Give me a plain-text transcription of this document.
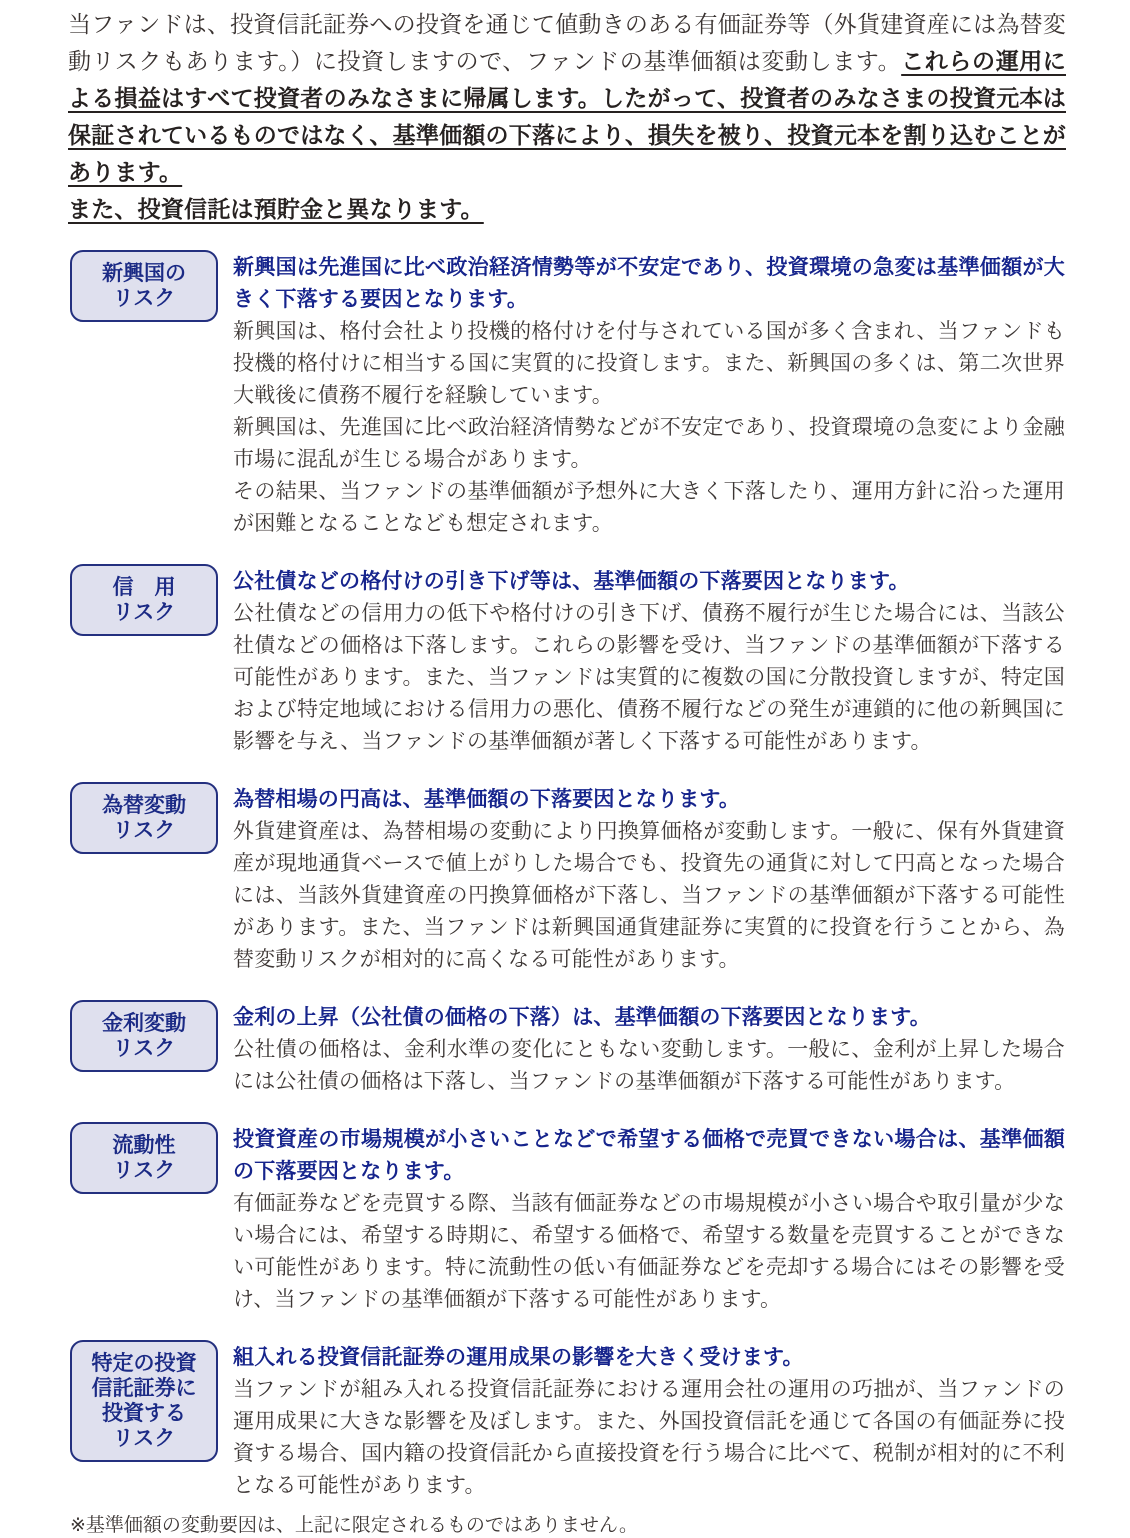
当ファンドは、投資信託証券への投資を通じて値動きのある有価証券等（外貨建資産には為替変動リスクもあります。）に投資しますので、ファンドの基準価額は変動します。これらの運用による損益はすべて投資者のみなさまに帰属します。したがって、投資者のみなさまの投資元本は保証されているものではなく、基準価額の下落により、損失を被り、投資元本を割り込むことがあります。
また、投資信託は預貯金と異なります。
新興国の
リスク

新興国は先進国に比べ政治経済情勢等が不安定であり、投資環境の急変は基準価額が大きく下落する要因となります。

新興国は、格付会社より投機的格付けを付与されている国が多く含まれ、当ファンドも投機的格付けに相当する国に実質的に投資します。また、新興国の多くは、第二次世界大戦後に債務不履行を経験しています。

新興国は、先進国に比べ政治経済情勢などが不安定であり、投資環境の急変により金融市場に混乱が生じる場合があります。

その結果、当ファンドの基準価額が予想外に大きく下落したり、運用方針に沿った運用が困難となることなども想定されます。

信　用
リスク

公社債などの格付けの引き下げ等は、基準価額の下落要因となります。

公社債などの信用力の低下や格付けの引き下げ、債務不履行が生じた場合には、当該公社債などの価格は下落します。これらの影響を受け、当ファンドの基準価額が下落する可能性があります。また、当ファンドは実質的に複数の国に分散投資しますが、特定国および特定地域における信用力の悪化、債務不履行などの発生が連鎖的に他の新興国に影響を与え、当ファンドの基準価額が著しく下落する可能性があります。

為替変動
リスク

為替相場の円高は、基準価額の下落要因となります。

外貨建資産は、為替相場の変動により円換算価格が変動します。一般に、保有外貨建資産が現地通貨ベースで値上がりした場合でも、投資先の通貨に対して円高となった場合には、当該外貨建資産の円換算価格が下落し、当ファンドの基準価額が下落する可能性があります。また、当ファンドは新興国通貨建証券に実質的に投資を行うことから、為替変動リスクが相対的に高くなる可能性があります。

金利変動
リスク

金利の上昇（公社債の価格の下落）は、基準価額の下落要因となります。

公社債の価格は、金利水準の変化にともない変動します。一般に、金利が上昇した場合には公社債の価格は下落し、当ファンドの基準価額が下落する可能性があります。

流動性
リスク

投資資産の市場規模が小さいことなどで希望する価格で売買できない場合は、基準価額の下落要因となります。

有価証券などを売買する際、当該有価証券などの市場規模が小さい場合や取引量が少ない場合には、希望する時期に、希望する価格で、希望する数量を売買することができない可能性があります。特に流動性の低い有価証券などを売却する場合にはその影響を受け、当ファンドの基準価額が下落する可能性があります。

特定の投資
信託証券に
投資する
リスク

組入れる投資信託証券の運用成果の影響を大きく受けます。

当ファンドが組み入れる投資信託証券における運用会社の運用の巧拙が、当ファンドの運用成果に大きな影響を及ぼします。また、外国投資信託を通じて各国の有価証券に投資する場合、国内籍の投資信託から直接投資を行う場合に比べて、税制が相対的に不利となる可能性があります。

※基準価額の変動要因は、上記に限定されるものではありません。
